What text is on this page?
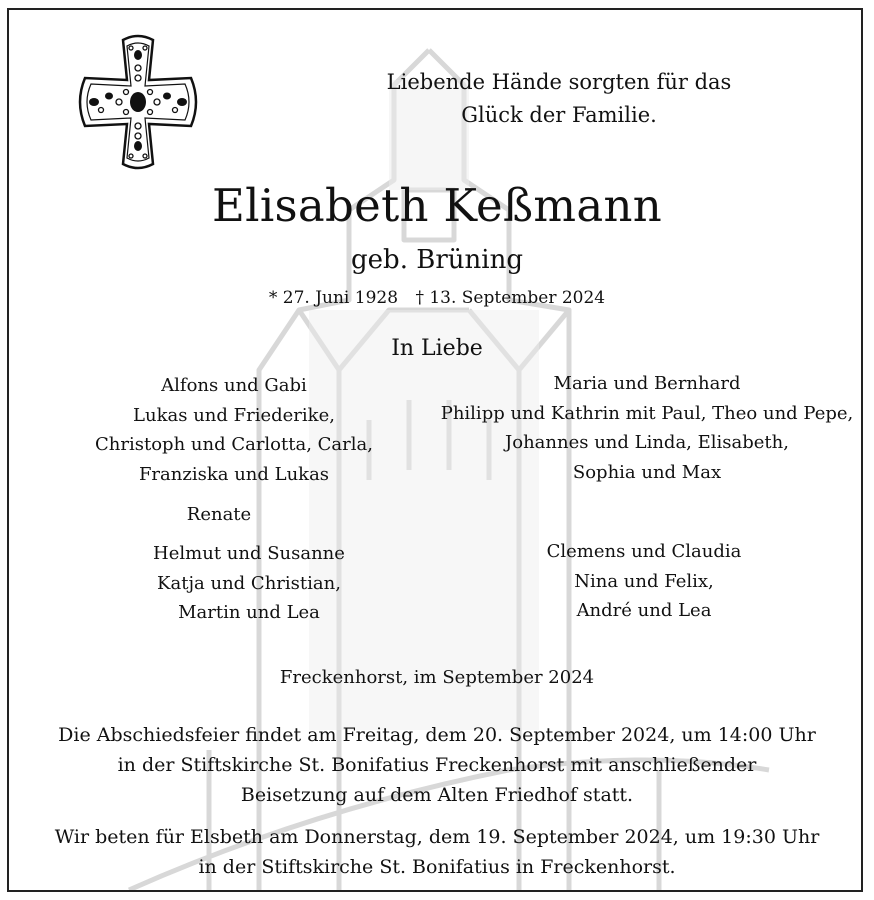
Liebende Hände sorgten für das
Glück der Familie.
Elisabeth Keßmann
geb. Brüning
* 27. Juni 1928 † 13. September 2024
In Liebe
Alfons und Gabi
Lukas und Friederike,
Christoph und Carlotta, Carla,
Franziska und Lukas
Maria und Bernhard
Philipp und Kathrin mit Paul, Theo und Pepe,
Johannes und Linda, Elisabeth,
Sophia und Max
Renate
Helmut und Susanne
Katja und Christian,
Martin und Lea
Clemens und Claudia
Nina und Felix,
André und Lea
Freckenhorst, im September 2024
Die Abschiedsfeier findet am Freitag, dem 20. September 2024, um 14:00 Uhr
in der Stiftskirche St. Bonifatius Freckenhorst mit anschließender
Beisetzung auf dem Alten Friedhof statt.
Wir beten für Elsbeth am Donnerstag, dem 19. September 2024, um 19:30 Uhr
in der Stiftskirche St. Bonifatius in Freckenhorst.
